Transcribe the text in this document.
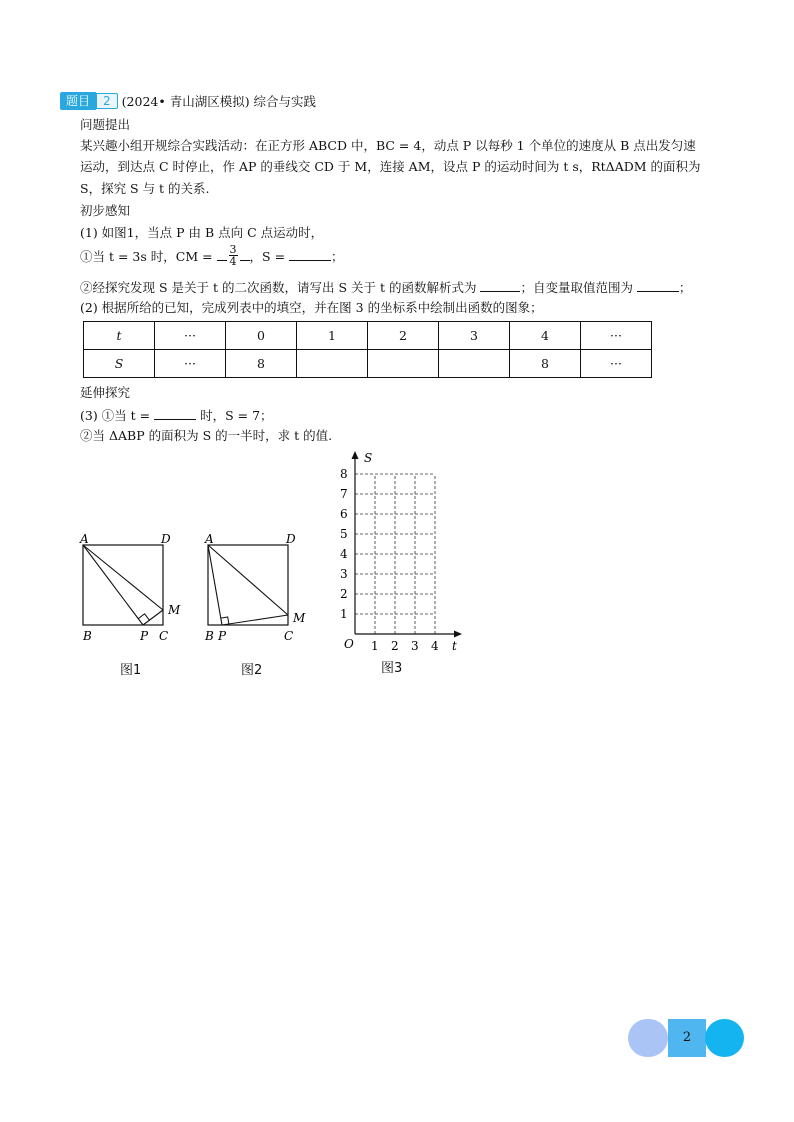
题目	2 (2024• 青山湖区模拟) 综合与实践
问题提出
某兴趣小组开规综合实践活动：在正方形 ABCD 中，BC = 4，动点 P 以每秒 1 个单位的速度从 B 点出发匀速
运动，到达点 C 时停止，作 AP 的垂线交 CD 于 M，连接 AM，设点 P 的运动时间为 t s，RtΔADM 的面积为
S，探究 S 与 t 的关系.
初步感知
(1) 如图1，当点 P 由 B 点向 C 点运动时，
①当 t = 3s 时，CM = $\frac{3}{4}$ ，S =	；
②经探究发现 S 是关于 t 的二次函数，请写出 S 关于 t 的函数解析式为	；自变量取值范围为	；
(2) 根据所给的已知，完成列表中的填空，并在图 3 的坐标系中绘制出函数的图象；
t	···	0	1	2	3	4	···
S	···	8				8	···
延伸探究
(3) ①当 t =	时，S = 7；
②当 ΔABP 的面积为 S 的一半时，求 t 的值.
A	D
B	P C
M
图1
A	D
B P	C
M
图2
S
t
O
1
2
3
4
5
6
7
8
1 2 3 4
图3
2
